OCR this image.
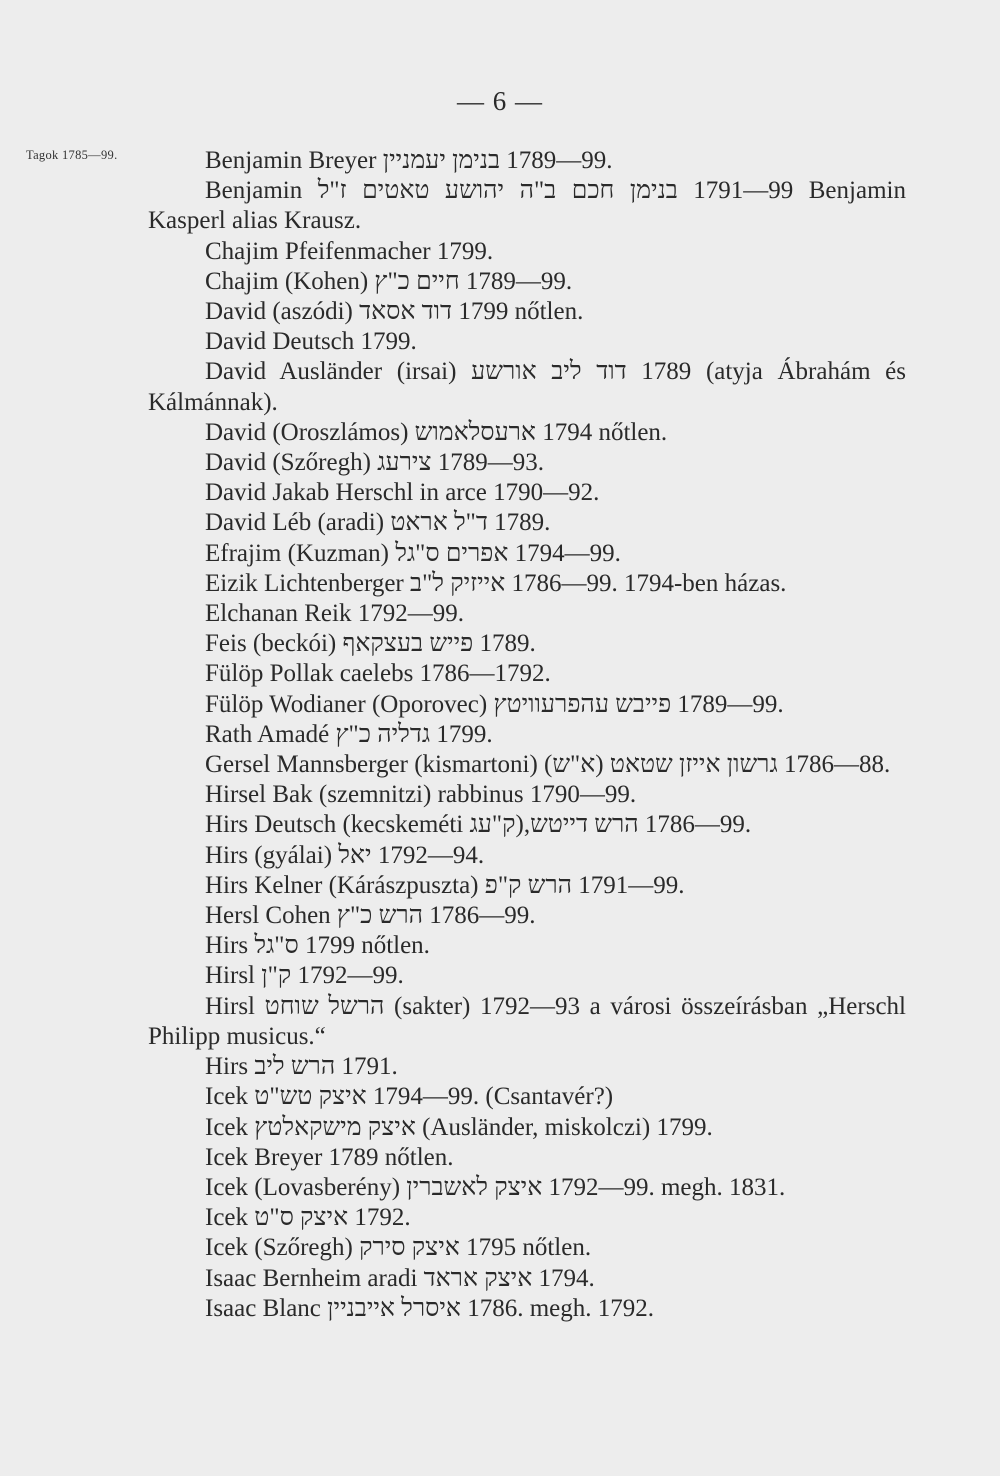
— 6 —
Tagok 1785—99.	Benjamin Breyer ⁧בנימן יעמניין⁩ 1789—99.

Benjamin ⁧בנימן חכם ב"ה יהושע טאטים ז"ל⁩ 1791—99 Benjamin Kasperl alias Krausz.

Chajim Pfeifenmacher 1799.

Chajim (Kohen) ⁧חיים כ"ץ⁩ 1789—99.

David (aszódi) ⁧דוד אסאד⁩ 1799 nőtlen.

David Deutsch 1799.

David Ausländer (irsai) ⁧דוד ליב אורשע⁩ 1789 (atyja Ábrahám és Kálmánnak).

David (Oroszlámos) ⁧ארעסלאמוש⁩ 1794 nőtlen.

David (Szőregh) ⁧צירעג⁩ 1789—93.

David Jakab Herschl in arce 1790—92.

David Léb (aradi) ⁧ד"ל אראט⁩ 1789.

Efrajim (Kuzman) ⁧אפרים ס"גל⁩ 1794—99.

Eizik Lichtenberger ⁧אייזיק ל"ב⁩ 1786—99. 1794-ben házas.

Elchanan Reik 1792—99.

Feis (beckói) ⁧פייש בעצקאף⁩ 1789.

Fülöp Pollak caelebs 1786—1792.

Fülöp Wodianer (Oporovec) ⁧פייבש עהפרעוויטץ⁩ 1789—99.

Rath Amadé ⁧גדליה כ"ץ⁩ 1799.

Gersel Mannsberger (kismartoni) ⁧גרשון אייזן שטאט (א"ש)⁩ 1786—88.

Hirsel Bak (szemnitzi) rabbinus 1790—99.

Hirs Deutsch (kecskeméti ⁧הרש דייטש,(ק"עג⁩ 1786—99.

Hirs (gyálai) ⁧יאל⁩ 1792—94.

Hirs Kelner (Kárászpuszta) ⁧הרש ק"פ⁩ 1791—99.

Hersl Cohen ⁧הרש כ"ץ⁩ 1786—99.

Hirs ⁧ס"גל⁩ 1799 nőtlen.

Hirsl ⁧ק"ן⁩ 1792—99.

Hirsl ⁧הרשל שוחט⁩ (sakter) 1792—93 a városi összeírásban „Herschl Philipp musicus.“

Hirs ⁧הרש ליב⁩ 1791.

Icek ⁧איצק טש"ט⁩ 1794—99. (Csantavér?)

Icek ⁧איצק מישקאלטץ⁩ (Ausländer, miskolczi) 1799.

Icek Breyer 1789 nőtlen.

Icek (Lovasberény) ⁧איצק לאשברין⁩ 1792—99. megh. 1831.

Icek ⁧איצק ס"ט⁩ 1792.

Icek (Szőregh) ⁧איצק סירק⁩ 1795 nőtlen.

Isaac Bernheim aradi ⁧איצק אראד⁩ 1794.

Isaac Blanc ⁧איסרל אייבניין⁩ 1786. megh. 1792.
